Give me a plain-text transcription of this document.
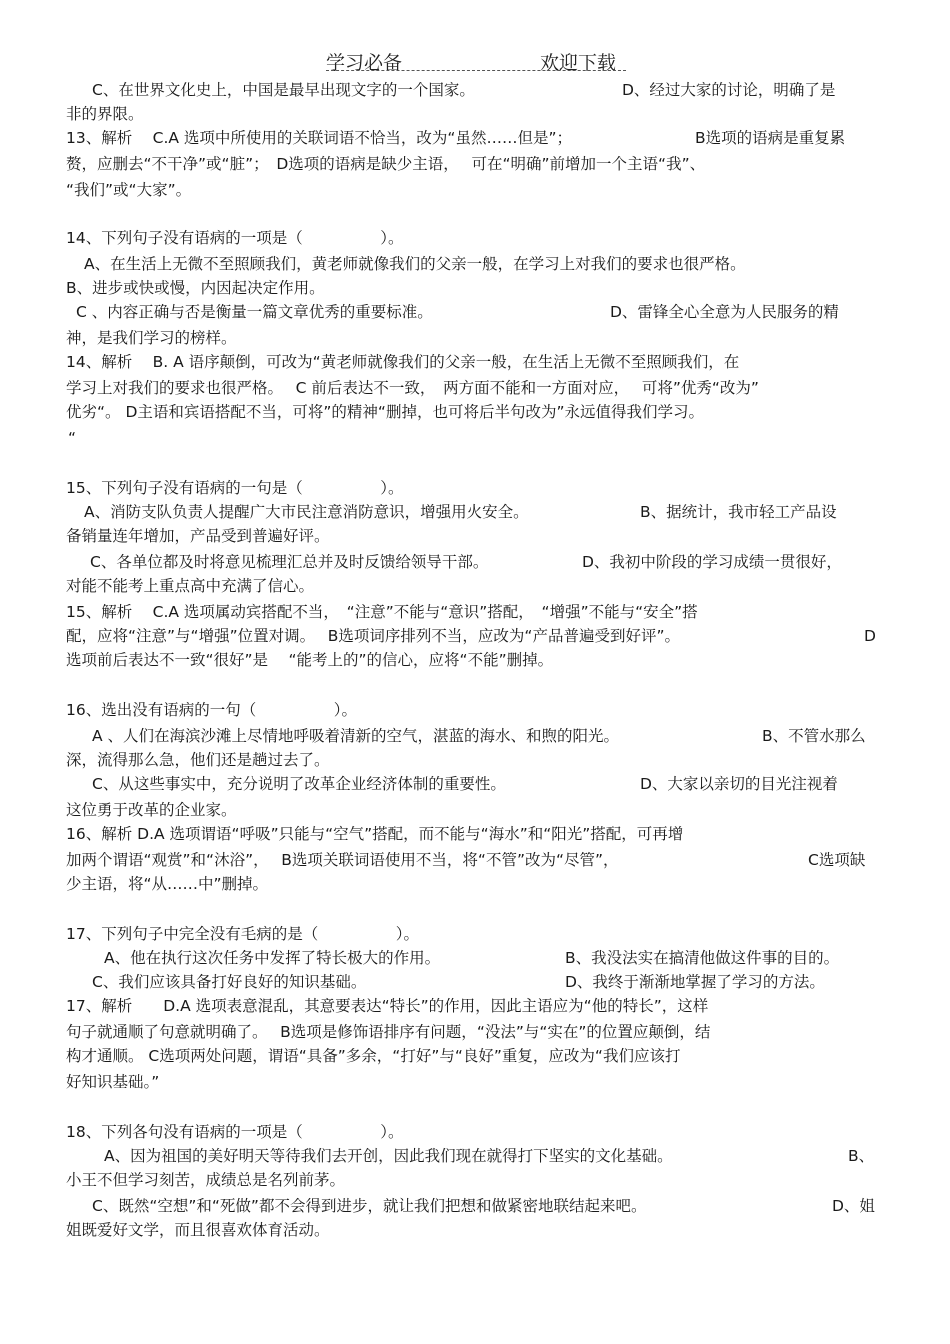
学习必备	欢迎下载
C、在世界文化史上，中国是最早出现文字的一个国家。	D、经过大家的讨论，明确了是
非的界限。
13、解析　 C.A 选项中所使用的关联词语不恰当，改为“虽然……但是”；	B选项的语病是重复累
赘，应删去“不干净”或“脏”；　D选项的语病是缺少主语，　 可在“明确”前增加一个主语“我”、
“我们”或“大家”。
14、下列句子没有语病的一项是（　　　　　）。
A、在生活上无微不至照顾我们，黄老师就像我们的父亲一般，在学习上对我们的要求也很严格。
B、进步或快或慢，内因起决定作用。
C 、内容正确与否是衡量一篇文章优秀的重要标准。	D、雷锋全心全意为人民服务的精
神，是我们学习的榜样。
14、解析　 B. A 语序颠倒，可改为“黄老师就像我们的父亲一般，在生活上无微不至照顾我们，在
学习上对我们的要求也很严格。　 C 前后表达不一致，　两方面不能和一方面对应，　 可将”优秀“改为”
优劣“。 D主语和宾语搭配不当，可将”的精神“删掉，也可将后半句改为”永远值得我们学习。
“
15、下列句子没有语病的一句是（　　　　　）。
A、消防支队负责人提醒广大市民注意消防意识，增强用火安全。	B、据统计，我市轻工产品设
备销量连年增加，产品受到普遍好评。
C、各单位都及时将意见梳理汇总并及时反馈给领导干部。	D、我初中阶段的学习成绩一贯很好，
对能不能考上重点高中充满了信心。
15、解析　 C.A 选项属动宾搭配不当，　“注意”不能与“意识”搭配，　“增强”不能与“安全”搭
配，应将“注意”与“增强”位置对调。　 B选项词序排列不当，应改为“产品普遍受到好评”。	D
选项前后表达不一致“很好”是　 “能考上的”的信心，应将“不能”删掉。
16、选出没有语病的一句（　　　　　）。
A 、人们在海滨沙滩上尽情地呼吸着清新的空气，湛蓝的海水、和煦的阳光。	B、不管水那么
深，流得那么急，他们还是趟过去了。
C、从这些事实中，充分说明了改革企业经济体制的重要性。	D、大家以亲切的目光注视着
这位勇于改革的企业家。
16、解析 D.A 选项谓语“呼吸”只能与“空气”搭配，而不能与“海水”和“阳光”搭配，可再增
加两个谓语“观赏”和“沐浴”，　 B选项关联词语使用不当，将“不管”改为“尽管”，	C选项缺
少主语，将“从……中”删掉。
17、下列句子中完全没有毛病的是（　　　　　）。
A、他在执行这次任务中发挥了特长极大的作用。	B、我没法实在搞清他做这件事的目的。
C、我们应该具备打好良好的知识基础。	D、我终于渐渐地掌握了学习的方法。
17、解析　　D.A 选项表意混乱，其意要表达“特长”的作用，因此主语应为“他的特长”，这样
句子就通顺了句意就明确了。　 B选项是修饰语排序有问题，“没法”与“实在”的位置应颠倒，结
构才通顺。 C选项两处问题，谓语“具备”多余，“打好”与“良好”重复，应改为“我们应该打
好知识基础。”
18、下列各句没有语病的一项是（　　　　　）。
A、因为祖国的美好明天等待我们去开创，因此我们现在就得打下坚实的文化基础。	B、
小王不但学习刻苦，成绩总是名列前茅。
C、既然“空想”和“死做”都不会得到进步，就让我们把想和做紧密地联结起来吧。	D、姐
姐既爱好文学，而且很喜欢体育活动。
